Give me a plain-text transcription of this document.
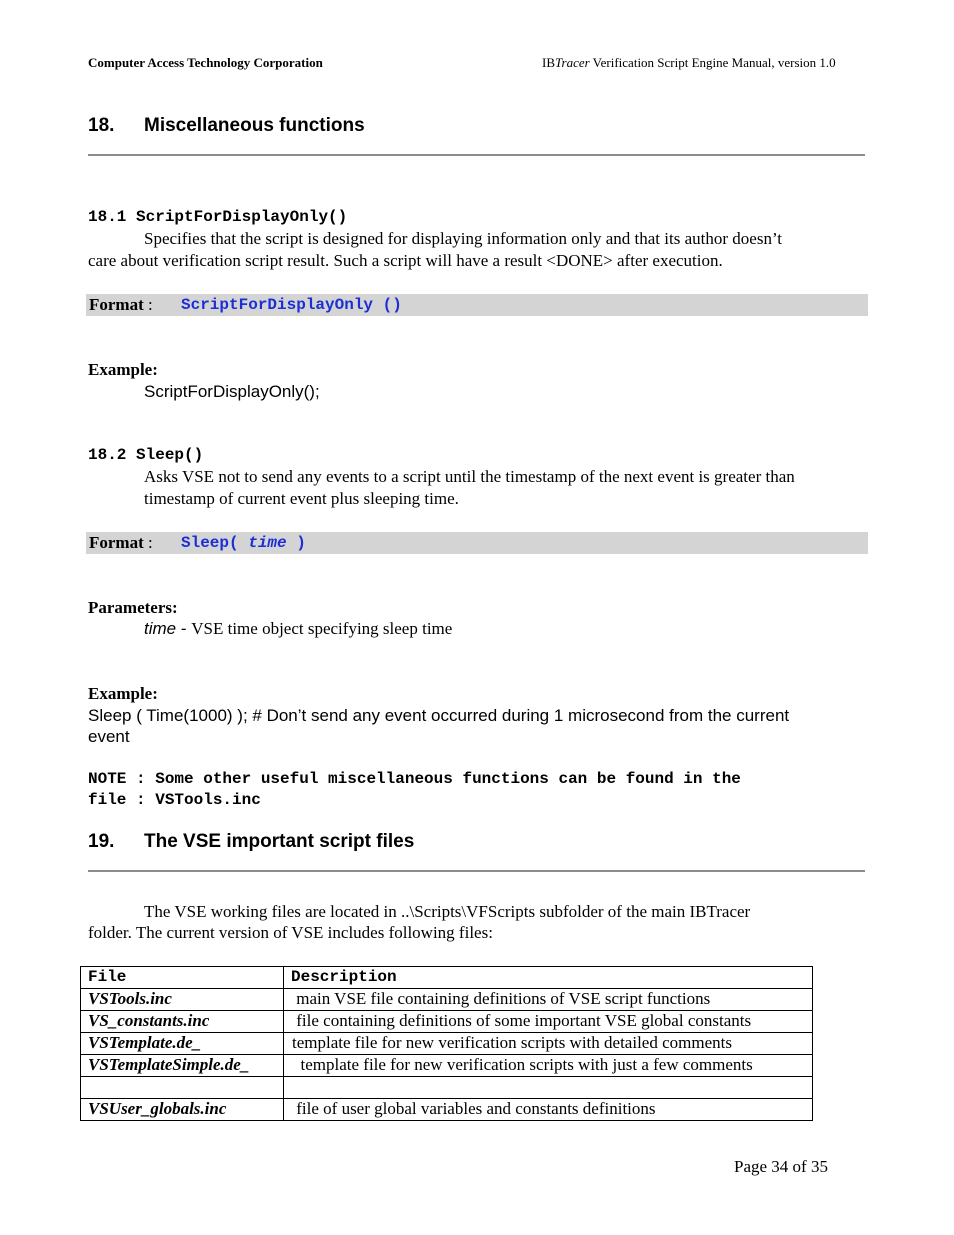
Computer Access Technology Corporation	IBTracer Verification Script Engine Manual, version 1.0
18. Miscellaneous functions
18.1 ScriptForDisplayOnly()
Specifies that the script is designed for displaying information only and that its author doesn’t
care about verification script result. Such a script will have a result <DONE> after execution.
Format : ScriptForDisplayOnly ()
Example:
ScriptForDisplayOnly();
18.2 Sleep()
Asks VSE not to send any events to a script until the timestamp of the next event is greater than
timestamp of current event plus sleeping time.
Format : Sleep( time )
Parameters:
time - VSE time object specifying sleep time
Example:
Sleep ( Time(1000) ); # Don’t send any event occurred during 1 microsecond from the current
event
NOTE : Some other useful miscellaneous functions can be found in the
file : VSTools.inc
19. The VSE important script files
The VSE working files are located in ..\Scripts\VFScripts subfolder of the main IBTracer
folder. The current version of VSE includes following files:
File	Description
VSTools.inc	main VSE file containing definitions of VSE script functions
VS_constants.inc	file containing definitions of some important VSE global constants
VSTemplate.de_	template file for new verification scripts with detailed comments
VSTemplateSimple.de_	template file for new verification scripts with just a few comments

VSUser_globals.inc	file of user global variables and constants definitions
Page 34 of 35
